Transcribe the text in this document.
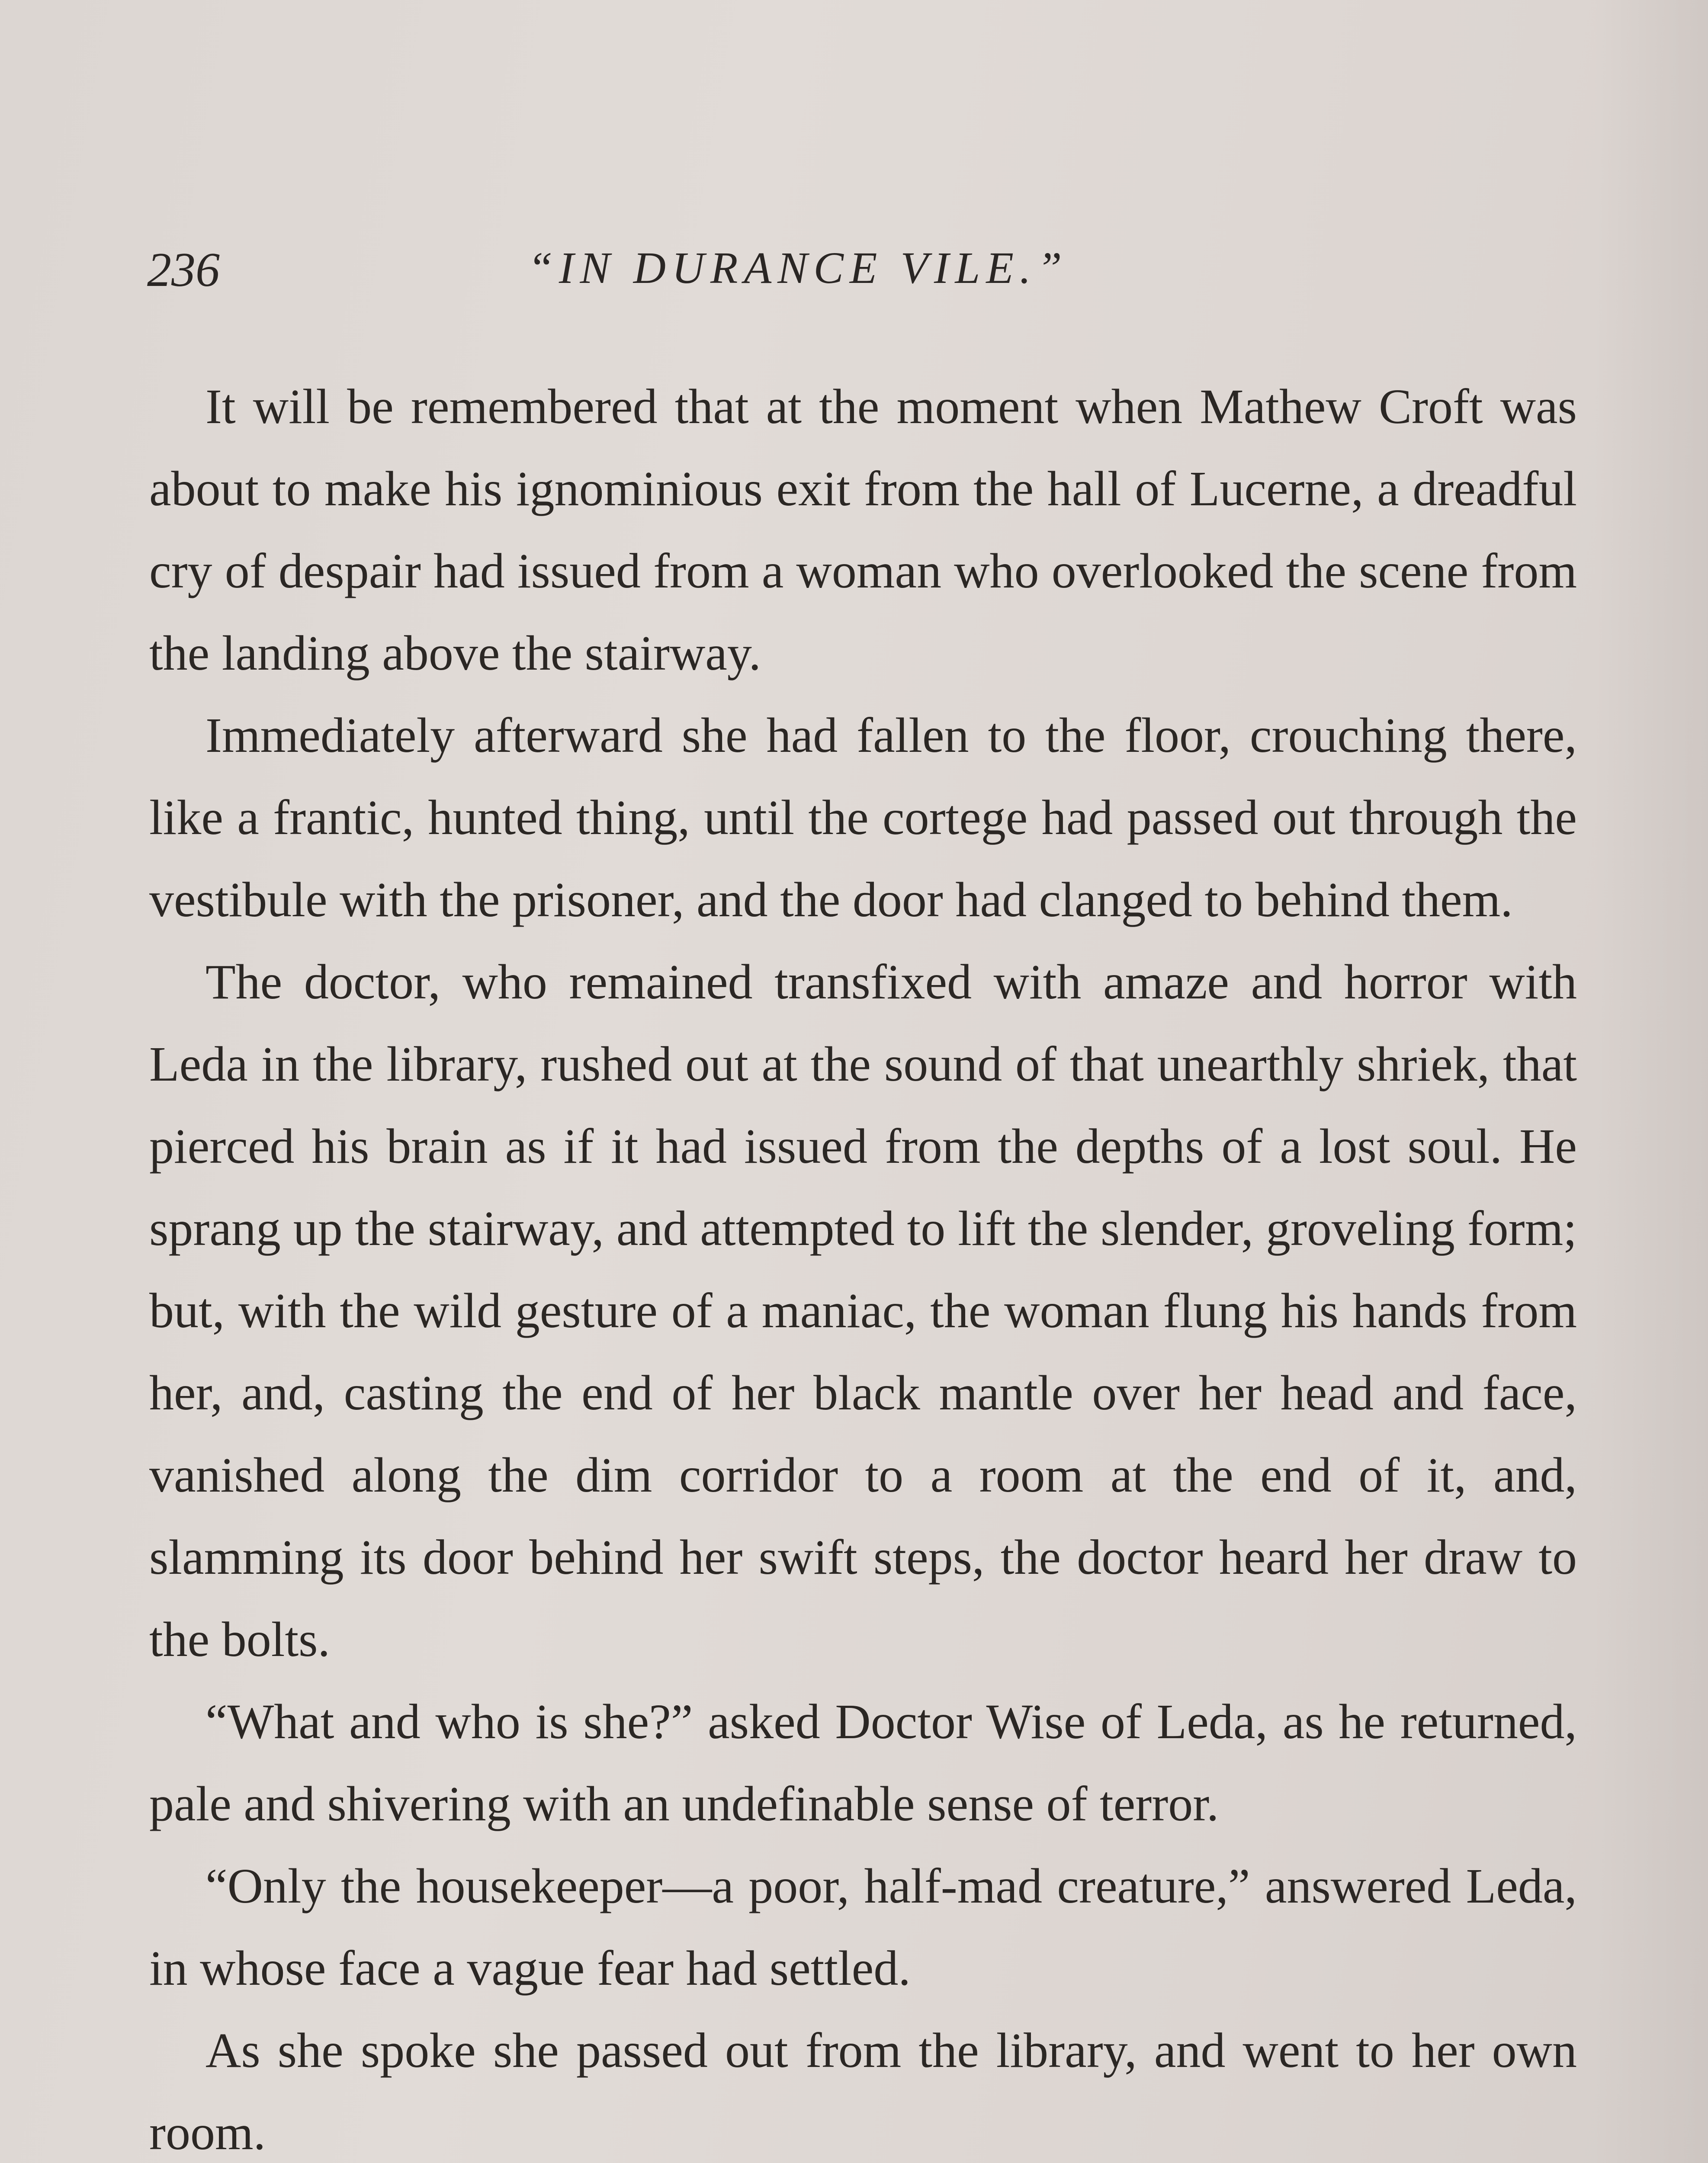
236	“IN DURANCE VILE.”

It will be remembered that at the moment when Mathew Croft was about to make his ignominious exit from the hall of Lucerne, a dreadful cry of despair had issued from a woman who overlooked the scene from the landing above the stairway.

Immediately afterward she had fallen to the floor, crouching there, like a frantic, hunted thing, until the cortege had passed out through the vestibule with the prisoner, and the door had clanged to behind them.

The doctor, who remained transfixed with amaze and horror with Leda in the library, rushed out at the sound of that unearthly shriek, that pierced his brain as if it had issued from the depths of a lost soul. He sprang up the stairway, and attempted to lift the slender, groveling form; but, with the wild gesture of a maniac, the woman flung his hands from her, and, casting the end of her black mantle over her head and face, vanished along the dim corridor to a room at the end of it, and, slamming its door behind her swift steps, the doctor heard her draw to the bolts.

“What and who is she?” asked Doctor Wise of Leda, as he returned, pale and shivering with an undefinable sense of terror.

“Only the housekeeper—a poor, half-mad creature,” answered Leda, in whose face a vague fear had settled.

As she spoke she passed out from the library, and went to her own room.
